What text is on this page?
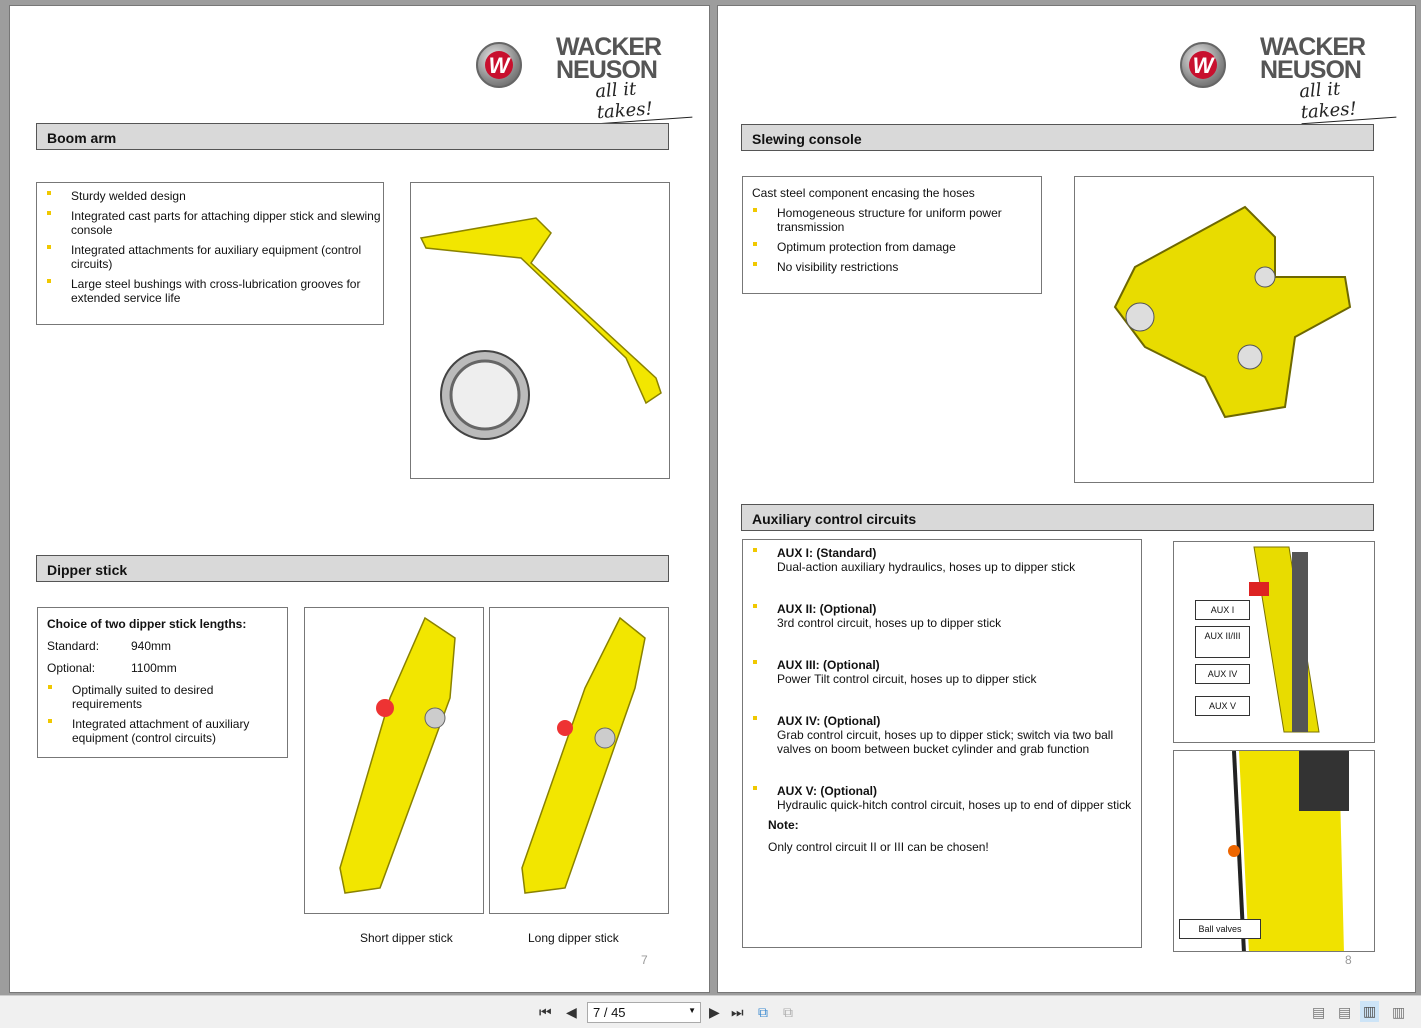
W
WACKER
NEUSON
all it takes!
Boom arm
Sturdy welded design
Integrated cast parts for attaching dipper stick and slewing console
Integrated attachments for auxiliary equipment (control circuits)
Large steel bushings with cross-lubrication grooves for extended service life
Dipper stick
Choice of two dipper stick lengths:
Standard:	940mm
Optional:	1100mm
Optimally suited to desired requirements
Integrated attachment of auxiliary equipment (control circuits)
Short dipper stick	Long dipper stick
7
W
WACKER
NEUSON
all it takes!
Slewing console
Cast steel component encasing the hoses
Homogeneous structure for uniform power transmission
Optimum protection from damage
No visibility restrictions
Auxiliary control circuits
AUX I: (Standard)
Dual-action auxiliary hydraulics, hoses up to dipper stick
AUX II: (Optional)
3rd control circuit, hoses up to dipper stick
AUX III: (Optional)
Power Tilt control circuit, hoses up to dipper stick
AUX IV: (Optional)
Grab control circuit, hoses up to dipper stick; switch via two ball valves on boom between bucket cylinder and grab function
AUX V: (Optional)
Hydraulic quick-hitch control circuit, hoses up to end of dipper stick
Note:
Only control circuit II or III can be chosen!
AUX I
AUX II/III
AUX IV
AUX V
Ball valves
8
⏮ ◀	7 / 45	▼ ▶ ⏭ ⧉ ⧉	▤ ▤ ▥ ▥
